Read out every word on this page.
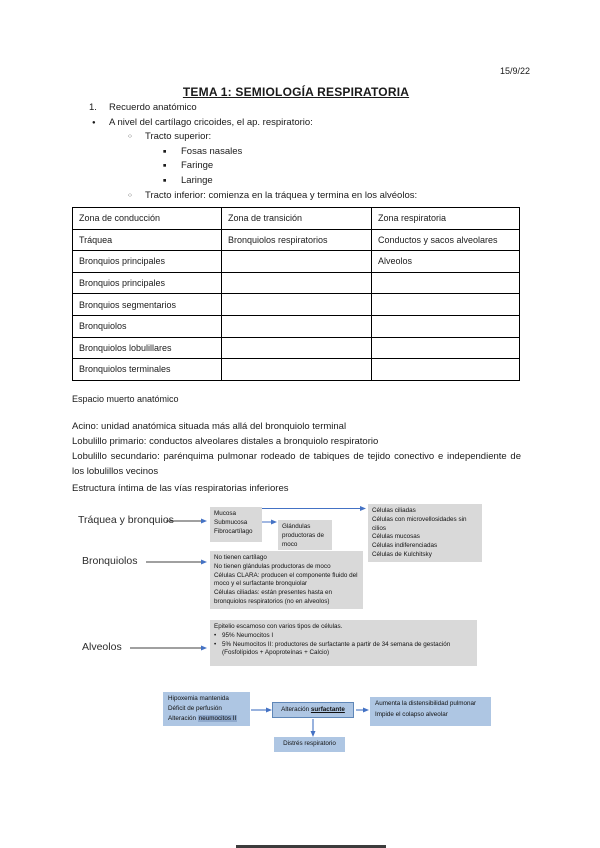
15/9/22
TEMA 1: SEMIOLOGÍA RESPIRATORIA
1. Recuerdo anatómico
● A nivel del cartílago cricoides, el ap. respiratorio:
○ Tracto superior:
■ Fosas nasales
■ Faringe
■ Laringe
○ Tracto inferior: comienza en la tráquea y termina en los alvéolos:
Zona de conducción	Zona de transición	Zona respiratoria
Tráquea	Bronquiolos respiratorios	Conductos y sacos alveolares
Bronquios principales		Alveolos
Bronquios principales		
Bronquios segmentarios		
Bronquiolos		
Bronquiolos lobulillares		
Bronquiolos terminales		
Espacio muerto anatómico

Acino: unidad anatómica situada más allá del bronquiolo terminal

Lobulillo primario: conductos alveolares distales a bronquiolo respiratorio

Lobulillo secundario: parénquima pulmonar rodeado de tabiques de tejido conectivo e independiente de los lobulillos vecinos

Estructura íntima de las vías respiratorias inferiores
Tráquea y bronquios
Bronquiolos
Alveolos
Mucosa
Submucosa
Fibrocartílago
Glándulas productoras de moco
Células ciliadas
Células con microvellosidades sin cilios
Células mucosas
Células indiferenciadas
Células de Kulchitsky
No tienen cartílago
No tienen glándulas productoras de moco
Células CLARA: producen el componente fluido del moco y el surfactante bronquiolar
Células ciliadas: están presentes hasta en bronquiolos respiratorios (no en alveolos)
Epitelio escamoso con varios tipos de células.
• 95% Neumocitos I
• 5% Neumocitos II: productores de surfactante a partir de 34 semana de gestación (Fosfolípidos + Apoproteínas + Calcio)
Hipoxemia mantenida
Déficit de perfusión
Alteración neumocitos II
Alteración surfactante
Aumenta la distensibilidad pulmonar
Impide el colapso alveolar
Distrés respiratorio
